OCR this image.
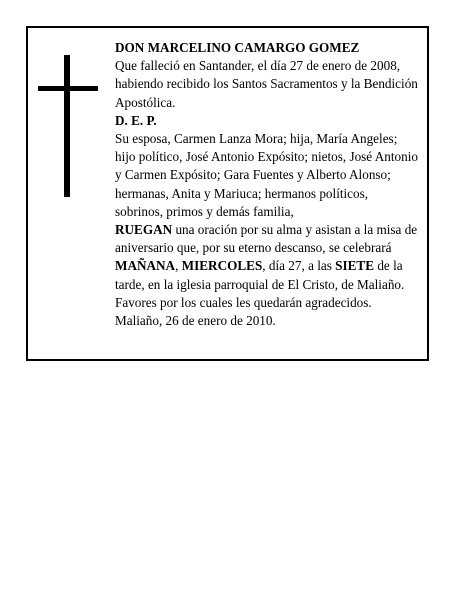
DON MARCELINO CAMARGO GOMEZ

Que falleció en Santander, el día 27 de enero de 2008, habiendo recibido los Santos Sacramentos y la Bendición Apostólica.

D. E. P.

Su esposa, Carmen Lanza Mora; hija, María Angeles; hijo político, José Antonio Expósito; nietos, José Antonio y Carmen Expósito; Gara Fuentes y Alberto Alonso; hermanas, Anita y Mariuca; hermanos políticos, sobrinos, primos y demás familia,

RUEGAN una oración por su alma y asistan a la misa de aniversario que, por su eterno descanso, se celebrará MAÑANA, MIERCOLES, día 27, a las SIETE de la tarde, en la iglesia parroquial de El Cristo, de Maliaño.

Favores por los cuales les quedarán agradecidos.

Maliaño, 26 de enero de 2010.
